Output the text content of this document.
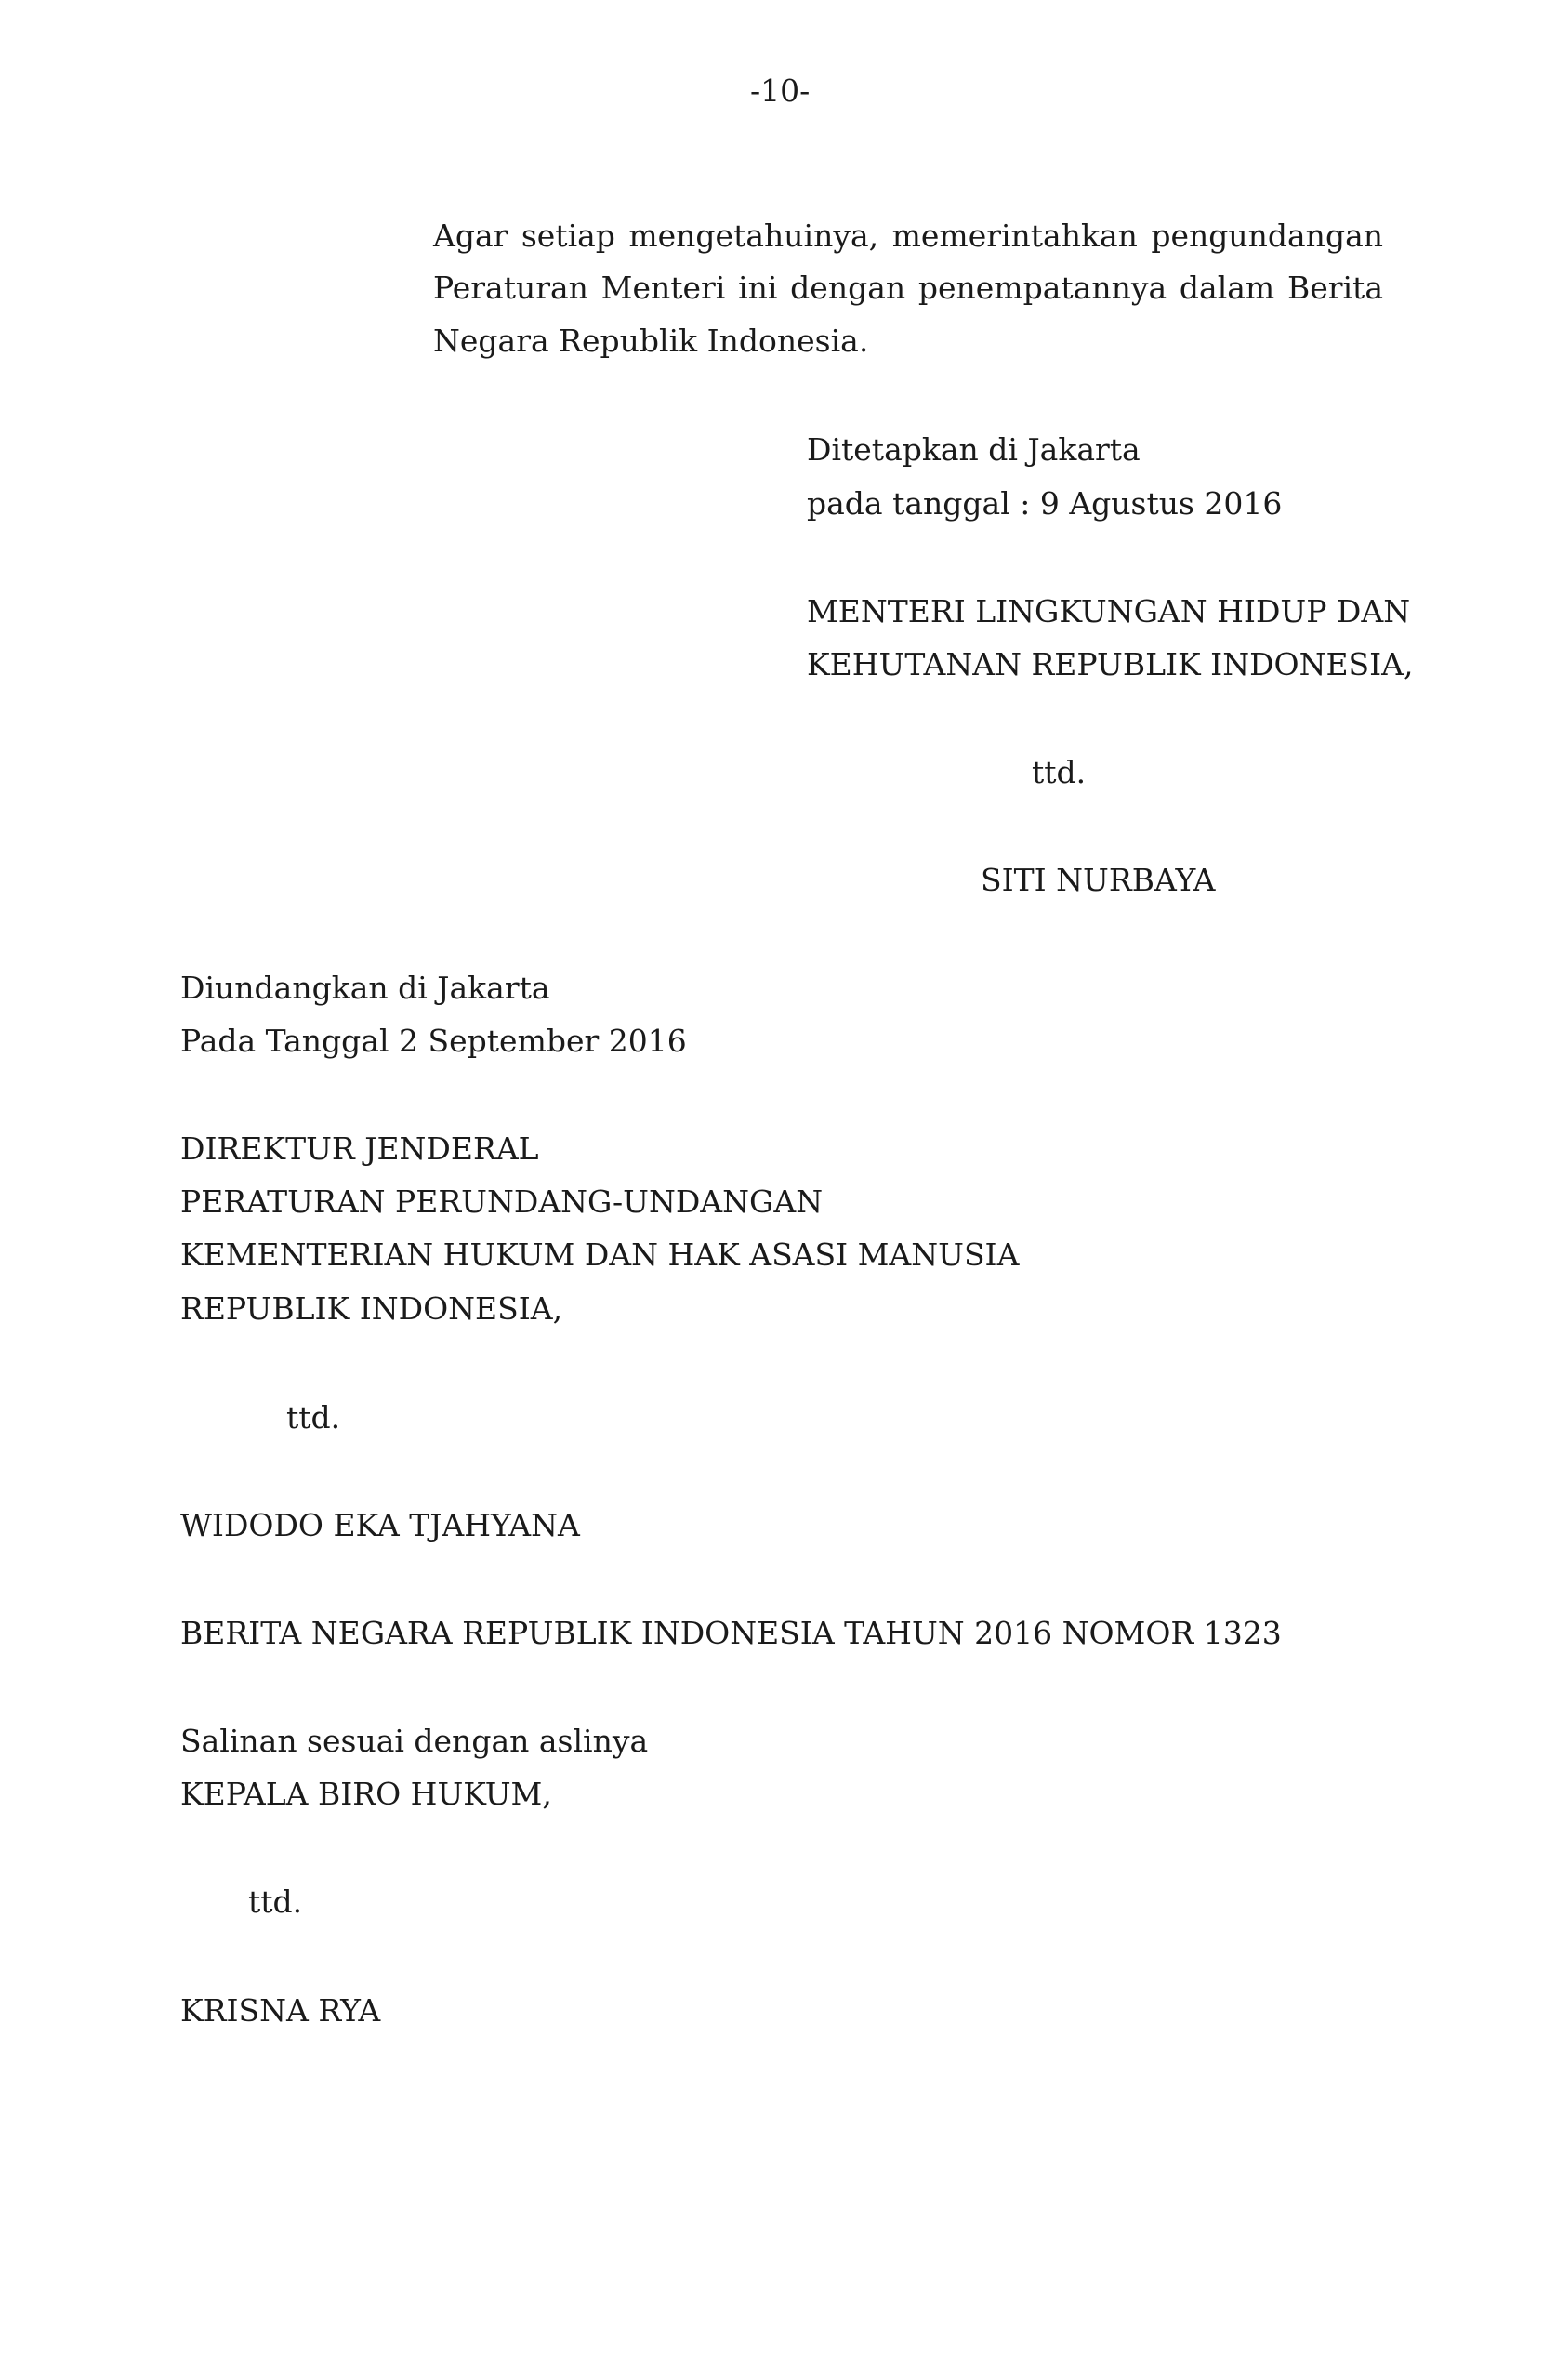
-10-
Agar setiap mengetahuinya, memerintahkan pengundangan
Peraturan Menteri ini dengan penempatannya dalam Berita
Negara Republik Indonesia.
Ditetapkan di Jakarta
pada tanggal : 9 Agustus 2016
MENTERI LINGKUNGAN HIDUP DAN
KEHUTANAN REPUBLIK INDONESIA,
ttd.
SITI NURBAYA
Diundangkan di Jakarta
Pada Tanggal 2 September 2016
DIREKTUR JENDERAL
PERATURAN PERUNDANG-UNDANGAN
KEMENTERIAN HUKUM DAN HAK ASASI MANUSIA
REPUBLIK INDONESIA,
ttd.
WIDODO EKA TJAHYANA
BERITA NEGARA REPUBLIK INDONESIA TAHUN 2016 NOMOR 1323
Salinan sesuai dengan aslinya
KEPALA BIRO HUKUM,
ttd.
KRISNA RYA
